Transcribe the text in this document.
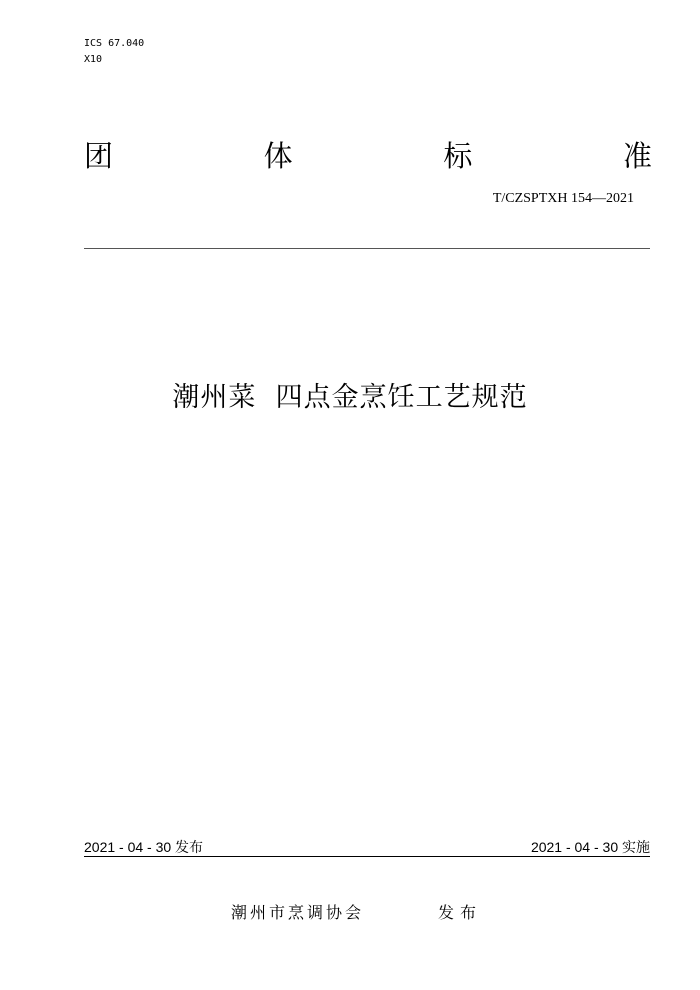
ICS 67.040
X10
团	体	标	准
T/CZSPTXH 154—2021
潮州菜  四点金烹饪工艺规范
2021 - 04 - 30 发布	2021 - 04 - 30 实施
潮州市烹调协会	发布
